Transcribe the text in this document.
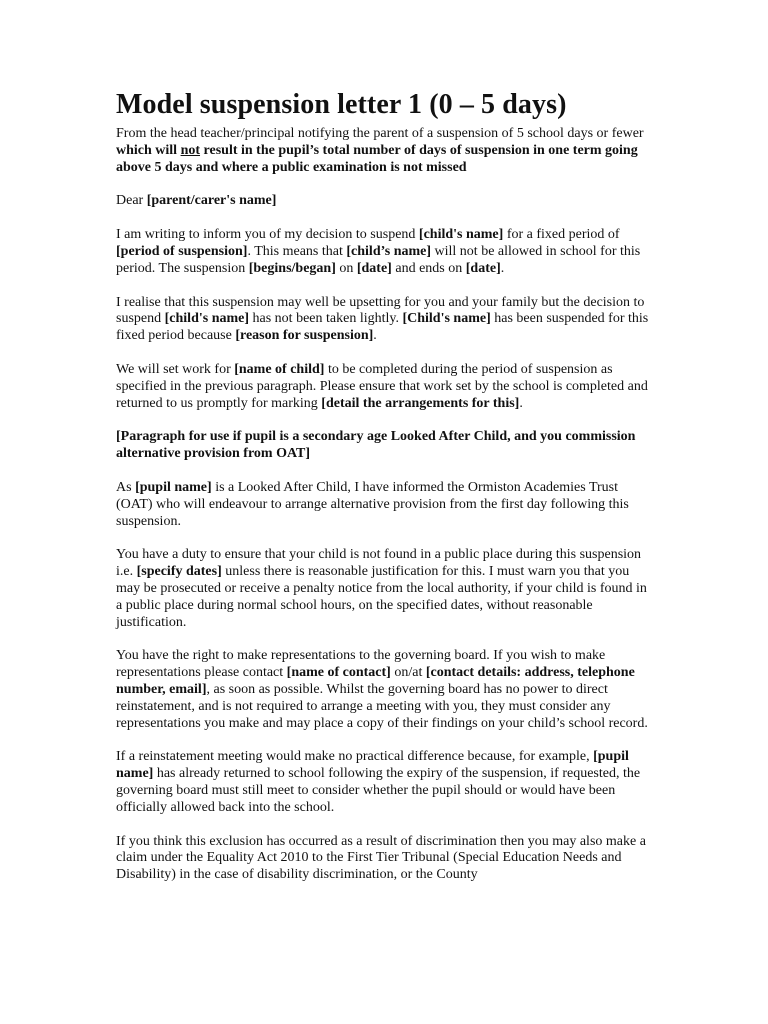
Model suspension letter 1 (0 – 5 days)

From the head teacher/principal notifying the parent of a suspension of 5 school days or fewer which will not result in the pupil’s total number of days of suspension in one term going above 5 days and where a public examination is not missed

Dear [parent/carer's name]

I am writing to inform you of my decision to suspend [child's name] for a fixed period of [period of suspension]. This means that [child’s name] will not be allowed in school for this period. The suspension [begins/began] on [date] and ends on [date].

I realise that this suspension may well be upsetting for you and your family but the decision to suspend [child's name] has not been taken lightly. [Child's name] has been suspended for this fixed period because [reason for suspension].

We will set work for [name of child] to be completed during the period of suspension as specified in the previous paragraph. Please ensure that work set by the school is completed and returned to us promptly for marking [detail the arrangements for this].

[Paragraph for use if pupil is a secondary age Looked After Child, and you commission alternative provision from OAT]

As [pupil name] is a Looked After Child, I have informed the Ormiston Academies Trust (OAT) who will endeavour to arrange alternative provision from the first day following this suspension.

You have a duty to ensure that your child is not found in a public place during this suspension i.e. [specify dates] unless there is reasonable justification for this. I must warn you that you may be prosecuted or receive a penalty notice from the local authority, if your child is found in a public place during normal school hours, on the specified dates, without reasonable justification.

You have the right to make representations to the governing board. If you wish to make representations please contact [name of contact] on/at [contact details: address, telephone number, email], as soon as possible. Whilst the governing board has no power to direct reinstatement, and is not required to arrange a meeting with you, they must consider any representations you make and may place a copy of their findings on your child’s school record.

If a reinstatement meeting would make no practical difference because, for example, [pupil name] has already returned to school following the expiry of the suspension, if requested, the governing board must still meet to consider whether the pupil should or would have been officially allowed back into the school.

If you think this exclusion has occurred as a result of discrimination then you may also make a claim under the Equality Act 2010 to the First Tier Tribunal (Special Education Needs and Disability) in the case of disability discrimination, or the County
